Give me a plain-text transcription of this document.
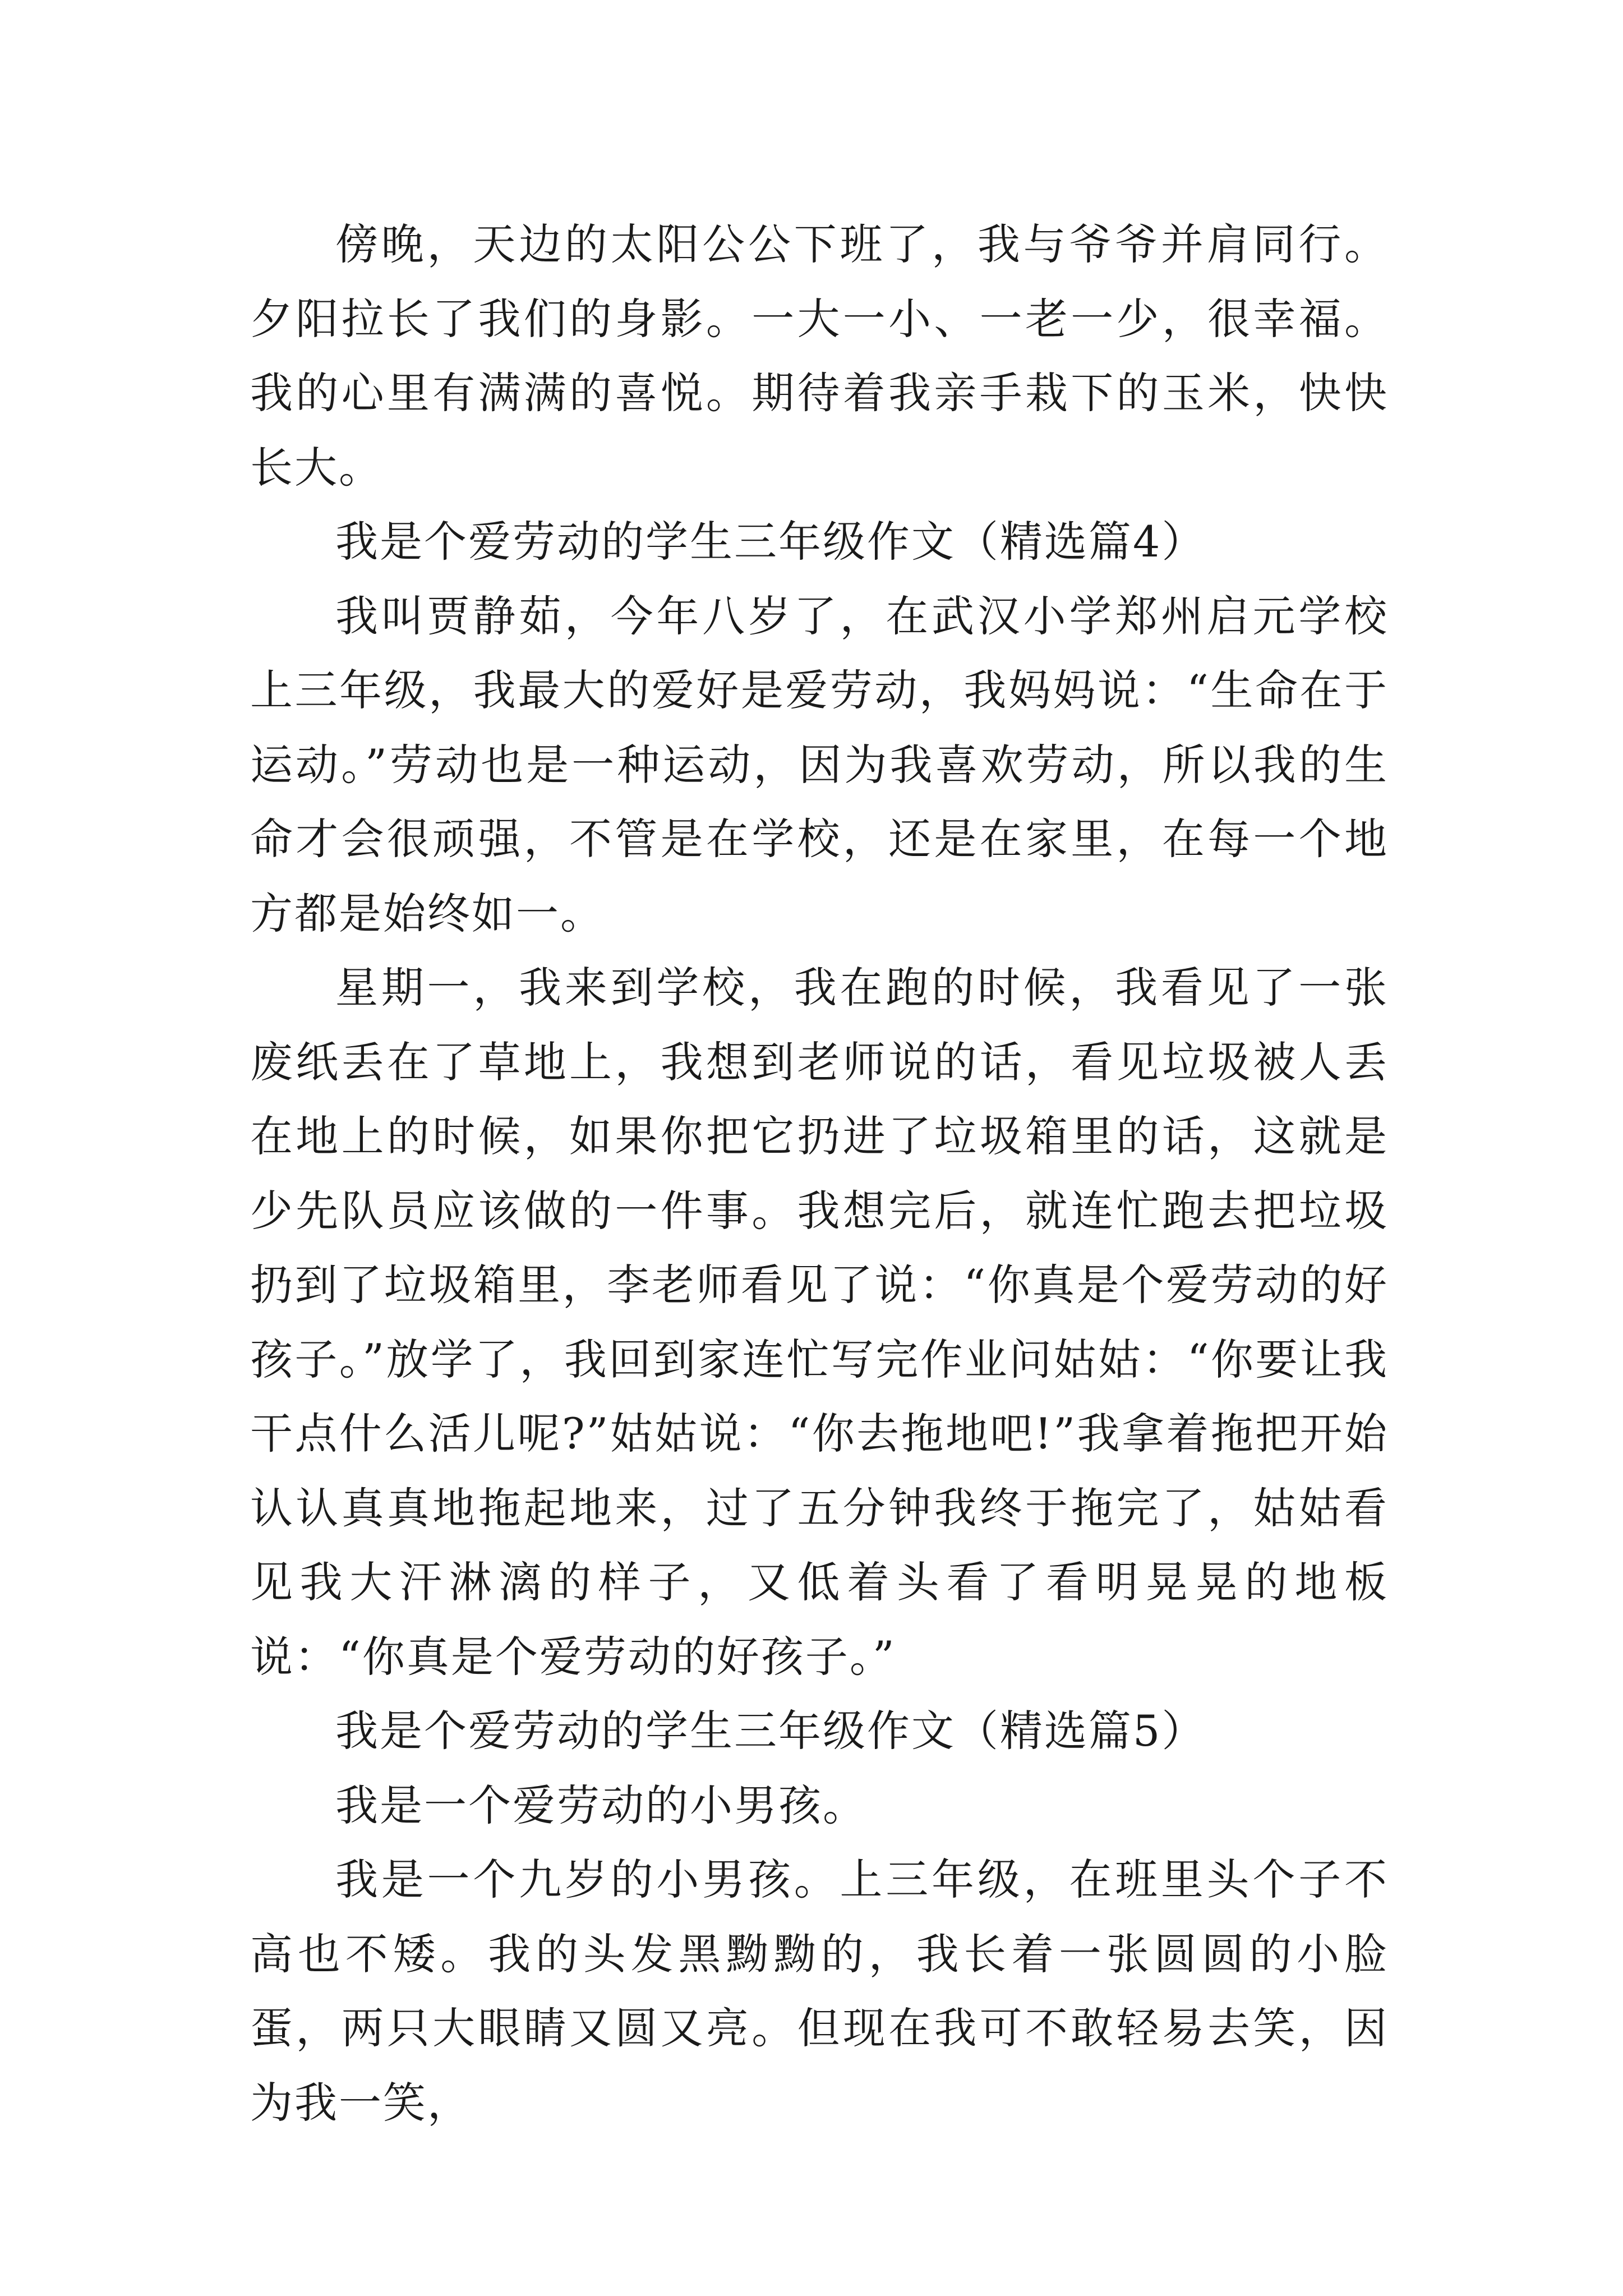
傍晚，天边的太阳公公下班了，我与爷爷并肩同行。夕阳拉长了我们的身影。一大一小、一老一少，很幸福。我的心里有满满的喜悦。期待着我亲手栽下的玉米，快快长大。

我是个爱劳动的学生三年级作文（精选篇4）

我叫贾静茹，今年八岁了，在武汉小学郑州启元学校上三年级，我最大的爱好是爱劳动，我妈妈说：“生命在于运动。”劳动也是一种运动，因为我喜欢劳动，所以我的生命才会很顽强，不管是在学校，还是在家里，在每一个地方都是始终如一。

星期一，我来到学校，我在跑的时候，我看见了一张废纸丢在了草地上，我想到老师说的话，看见垃圾被人丢在地上的时候，如果你把它扔进了垃圾箱里的话，这就是少先队员应该做的一件事。我想完后，就连忙跑去把垃圾扔到了垃圾箱里，李老师看见了说：“你真是个爱劳动的好孩子。”放学了，我回到家连忙写完作业问姑姑：“你要让我干点什么活儿呢?”姑姑说：“你去拖地吧!”我拿着拖把开始认认真真地拖起地来，过了五分钟我终于拖完了，姑姑看见我大汗淋漓的样子，又低着头看了看明晃晃的地板说：“你真是个爱劳动的好孩子。”

我是个爱劳动的学生三年级作文（精选篇5）

我是一个爱劳动的小男孩。

我是一个九岁的小男孩。上三年级，在班里头个子不高也不矮。我的头发黑黝黝的，我长着一张圆圆的小脸蛋，两只大眼睛又圆又亮。但现在我可不敢轻易去笑，因为我一笑，
